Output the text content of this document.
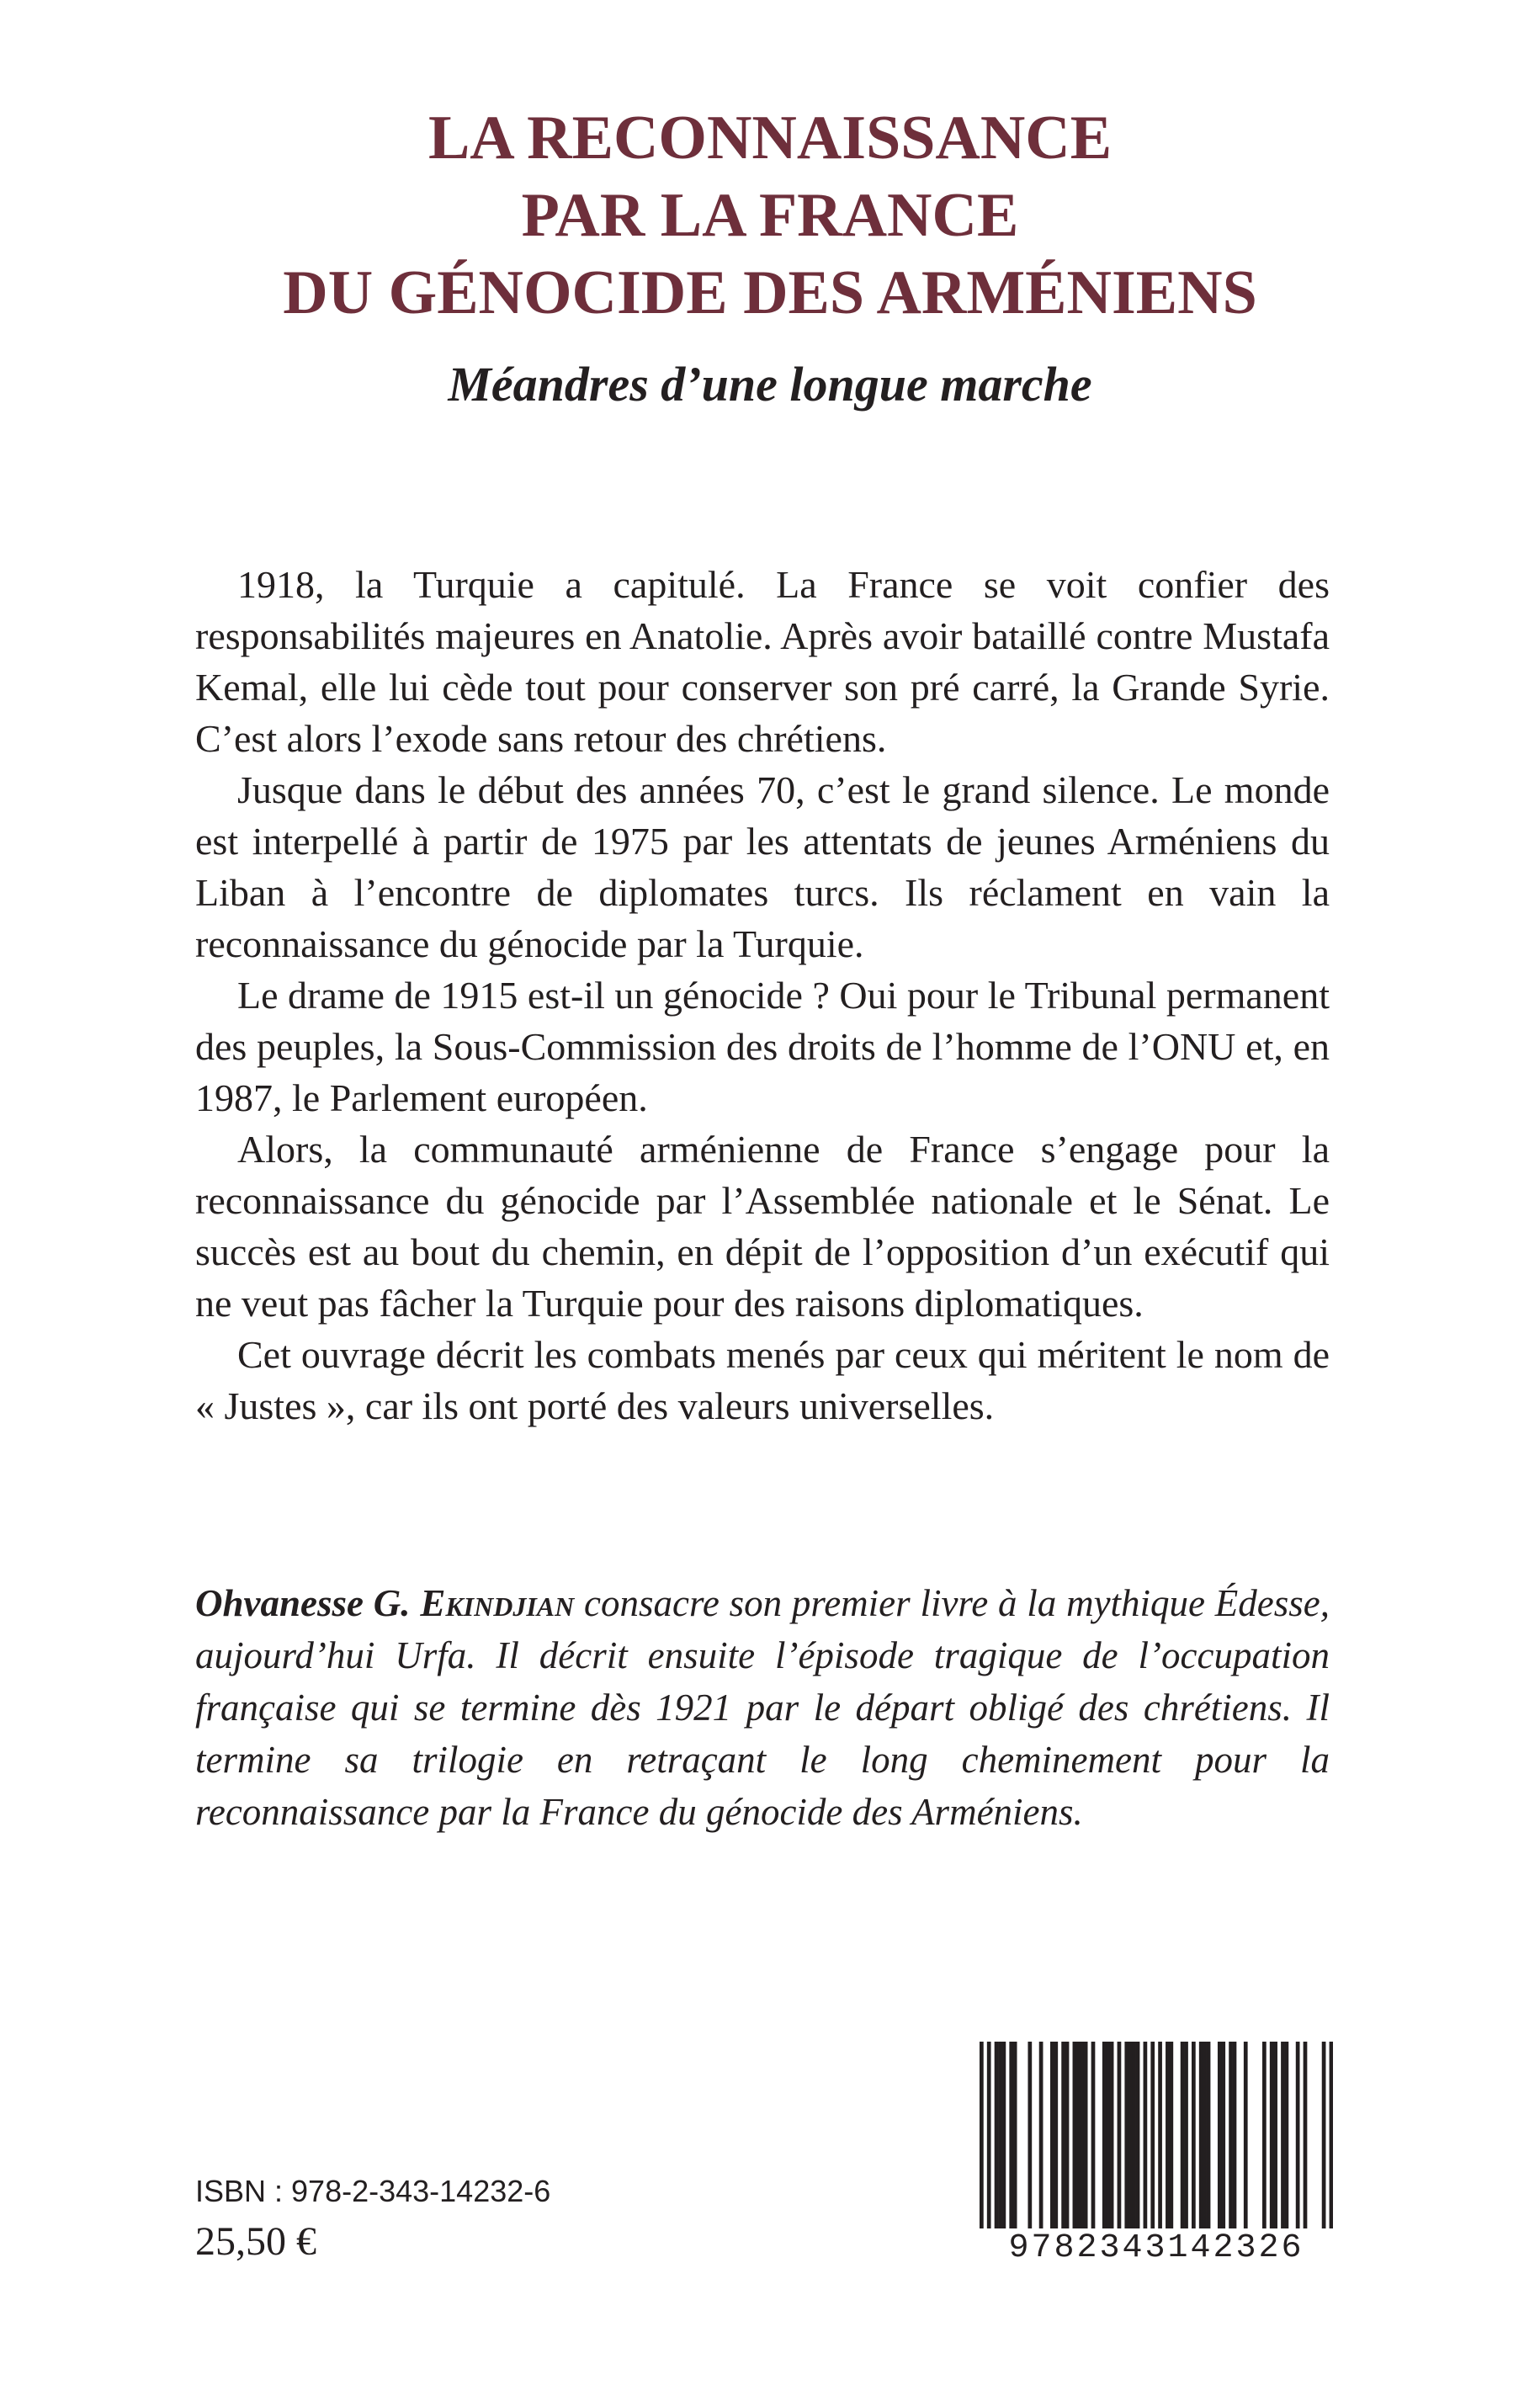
LA RECONNAISSANCE
PAR LA FRANCE
DU GÉNOCIDE DES ARMÉNIENS
Méandres d’une longue marche

1918, la Turquie a capitulé. La France se voit confier des responsabilités majeures en Anatolie. Après avoir bataillé contre Mustafa Kemal, elle lui cède tout pour conserver son pré carré, la Grande Syrie. C’est alors l’exode sans retour des chrétiens.

Jusque dans le début des années 70, c’est le grand silence. Le monde est interpellé à partir de 1975 par les attentats de jeunes Arméniens du Liban à l’encontre de diplomates turcs. Ils réclament en vain la reconnaissance du génocide par la Turquie.

Le drame de 1915 est-il un génocide ? Oui pour le Tribunal permanent des peuples, la Sous-Commission des droits de l’homme de l’ONU et, en 1987, le Parlement européen.

Alors, la communauté arménienne de France s’engage pour la reconnaissance du génocide par l’Assemblée nationale et le Sénat. Le succès est au bout du chemin, en dépit de l’opposition d’un exécutif qui ne veut pas fâcher la Turquie pour des raisons diplomatiques.

Cet ouvrage décrit les combats menés par ceux qui méritent le nom de « Justes », car ils ont porté des valeurs universelles.

Ohvanesse G. Ekindjian consacre son premier livre à la mythique Édesse, aujourd’hui Urfa. Il décrit ensuite l’épisode tragique de l’occupation française qui se termine dès 1921 par le départ obligé des chrétiens. Il termine sa trilogie en retraçant le long cheminement pour la reconnaissance par la France du génocide des Arméniens.
ISBN : 978-2-343-14232-6
25,50 €	9782343142326
